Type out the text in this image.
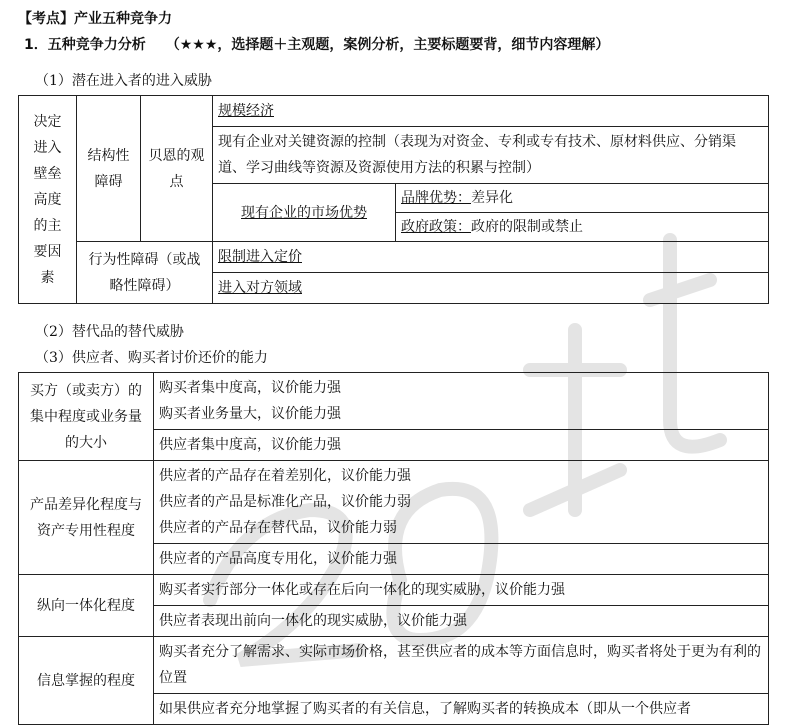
【考点】产业五种竞争力
1．五种竞争力分析 （★★★，选择题＋主观题，案例分析，主要标题要背，细节内容理解）
（1）潜在进入者的进入威胁
决定进入壁垒高度的主要因素	结构性障碍	贝恩的观点	规模经济	
			现有企业对关键资源的控制（表现为对资金、专利或专有技术、原材料供应、分销渠道、学习曲线等资源及资源使用方法的积累与控制）	
			现有企业的市场优势	品牌优势：差异化
政府政策：政府的限制或禁止

	行为性障碍（或战略性障碍）		限制进入定价	
			进入对方领域	
（2）替代品的替代威胁
（3）供应者、购买者讨价还价的能力
买方（或卖方）的集中程度或业务量的大小	购买者集中度高，议价能力强
购买者业务量大，议价能力强

	供应者集中度高，议价能力强
产品差异化程度与资产专用性程度	供应者的产品存在着差别化，议价能力强
供应者的产品是标准化产品，议价能力弱
供应者的产品存在替代品，议价能力弱

	供应者的产品高度专用化，议价能力强
纵向一体化程度	购买者实行部分一体化或存在后向一体化的现实威胁，议价能力强
	供应者表现出前向一体化的现实威胁，议价能力强
信息掌握的程度	购买者充分了解需求、实际市场价格，甚至供应者的成本等方面信息时，购买者将处于更为有利的位置
	如果供应者充分地掌握了购买者的有关信息，了解购买者的转换成本（即从一个供应者
